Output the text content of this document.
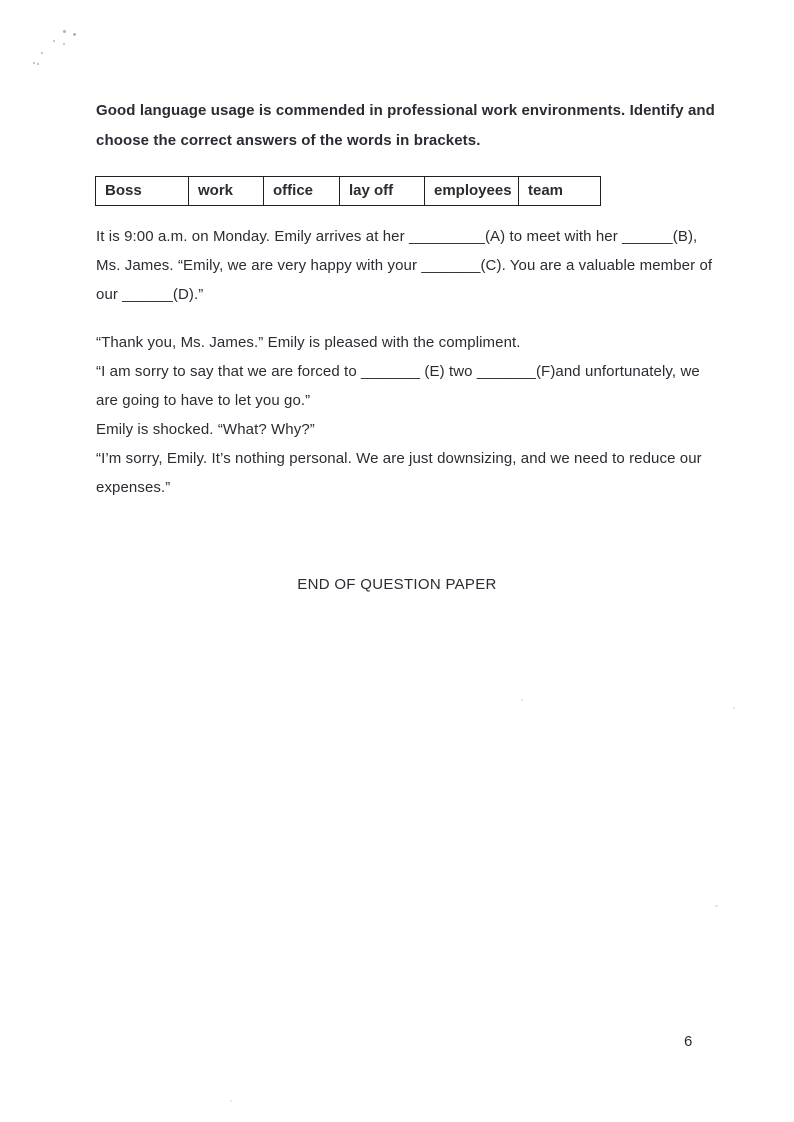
Good language usage is commended in professional work environments. Identify and
choose the correct answers of the words in brackets.
Boss	work	office	lay off	employees	team
It is 9:00 a.m. on Monday. Emily arrives at her _________(A) to meet with her ______(B),
Ms. James. “Emily, we are very happy with your _______(C). You are a valuable member of
our ______(D).”
“Thank you, Ms. James.” Emily is pleased with the compliment.
“I am sorry to say that we are forced to _______ (E) two _______(F)and unfortunately, we
are going to have to let you go.”
Emily is shocked. “What? Why?”
“I’m sorry, Emily. It’s nothing personal. We are just downsizing, and we need to reduce our
expenses.”
END OF QUESTION PAPER
6
